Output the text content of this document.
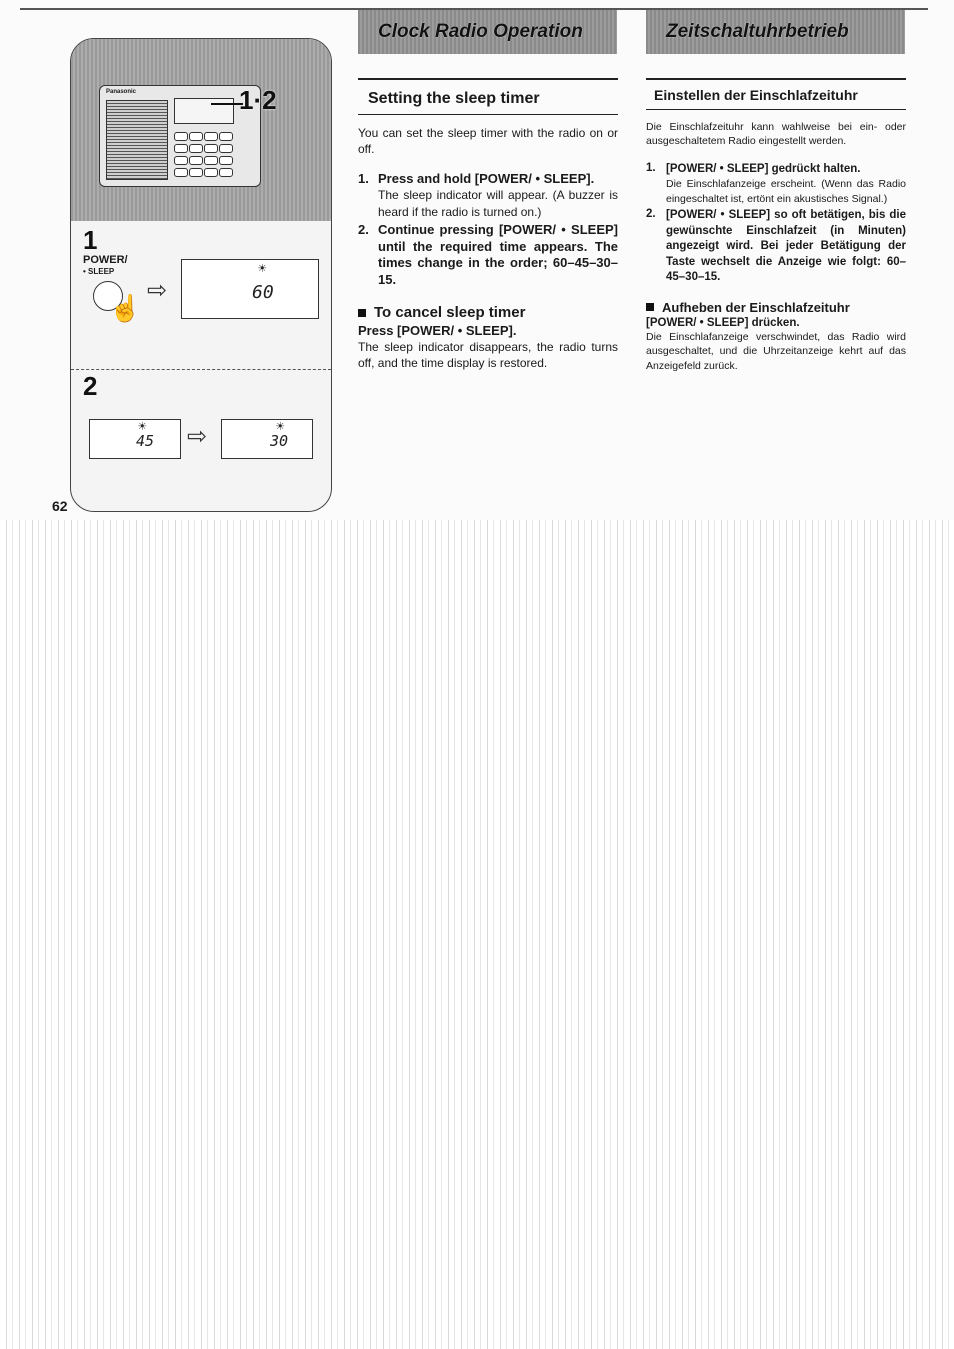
Clock Radio Operation	Zeitschaltuhrbetrieb
Panasonic	1·2
1
POWER/
• SLEEP
☝
⇨
☀
60
2
☀
45 ⇨	☀
30
62
Setting the sleep timer

You can set the sleep timer with the radio on or off.

1. Press and hold [POWER/ • SLEEP].
The sleep indicator will appear. (A buzzer is heard if the radio is turned on.)
2. Continue pressing [POWER/ • SLEEP] until the required time appears. The times change in the order; 60–45–30–15.
To cancel sleep timer
Press [POWER/ • SLEEP].
The sleep indicator disappears, the radio turns off, and the time display is restored.
Einstellen der Einschlafzeituhr

Die Einschlafzeituhr kann wahlweise bei ein- oder ausgeschaltetem Radio eingestellt werden.

1. [POWER/ • SLEEP] gedrückt halten.
Die Einschlafanzeige erscheint. (Wenn das Radio eingeschaltet ist, ertönt ein akustisches Signal.)
2. [POWER/ • SLEEP] so oft betätigen, bis die gewünschte Einschlafzeit (in Minuten) angezeigt wird. Bei jeder Betätigung der Taste wechselt die Anzeige wie folgt: 60–45–30–15.
Aufheben der Einschlafzeituhr
[POWER/ • SLEEP] drücken.
Die Einschlafanzeige verschwindet, das Radio wird ausgeschaltet, und die Uhrzeitanzeige kehrt auf das Anzeigefeld zurück.
